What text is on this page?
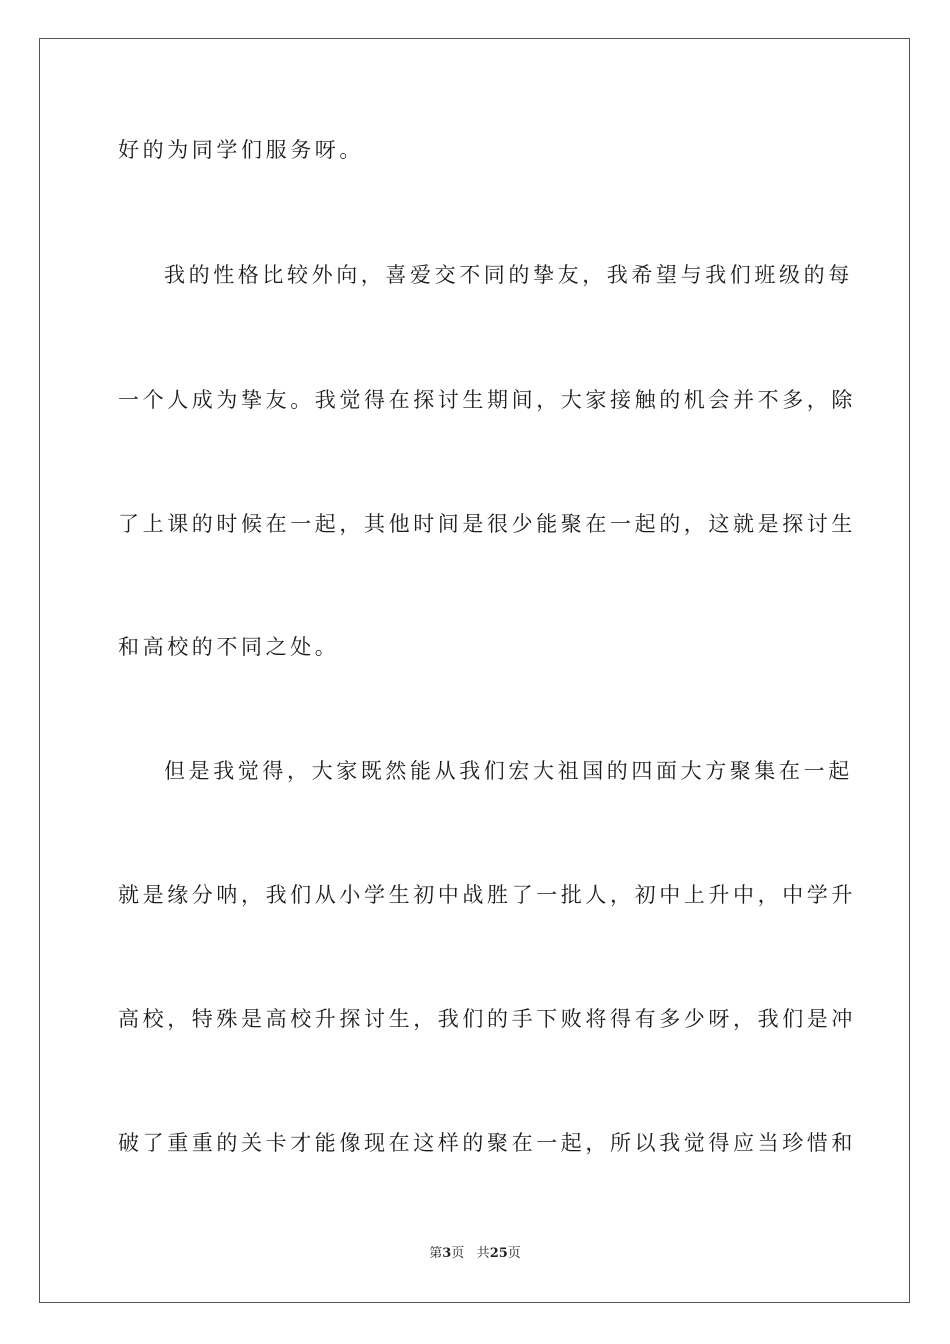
好的为同学们服务呀。
我的性格比较外向，喜爱交不同的挚友，我希望与我们班级的每
一个人成为挚友。我觉得在探讨生期间，大家接触的机会并不多，除
了上课的时候在一起，其他时间是很少能聚在一起的，这就是探讨生
和高校的不同之处。
但是我觉得，大家既然能从我们宏大祖国的四面大方聚集在一起
就是缘分呐，我们从小学生初中战胜了一批人，初中上升中，中学升
高校，特殊是高校升探讨生，我们的手下败将得有多少呀，我们是冲
破了重重的关卡才能像现在这样的聚在一起，所以我觉得应当珍惜和
第3页 共25页
